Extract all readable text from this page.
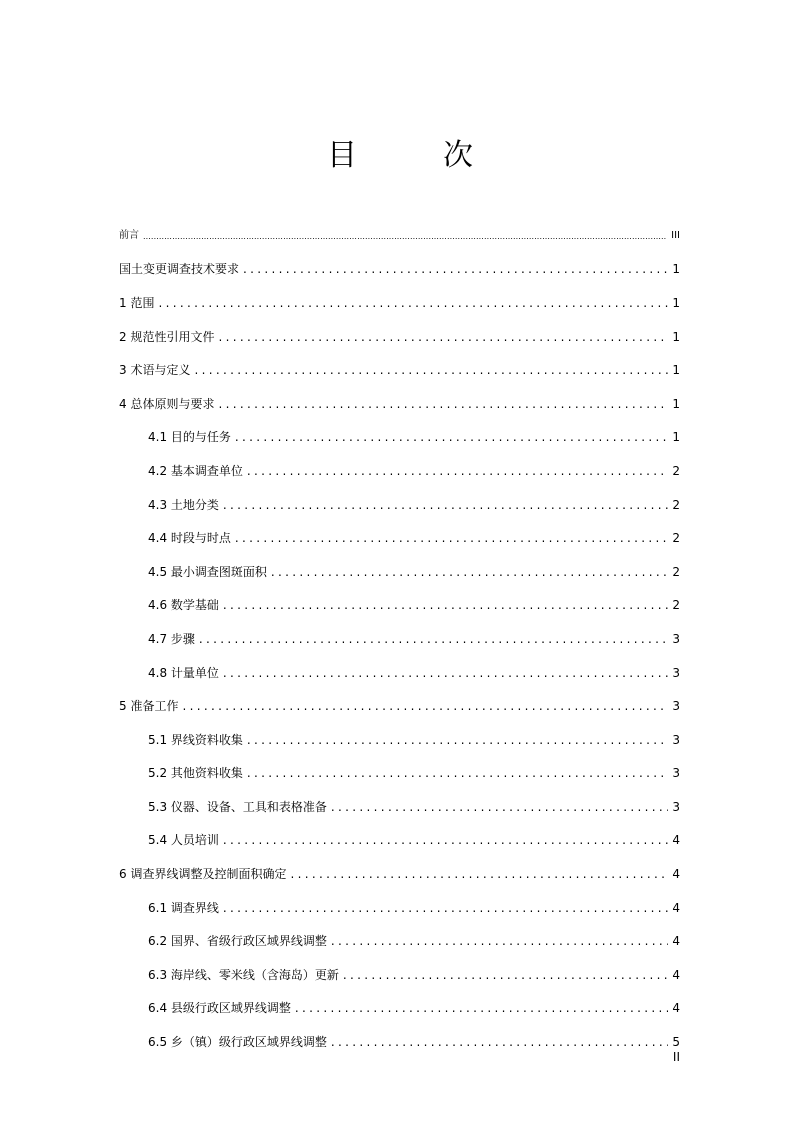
目　次
前言 .....	III
国土变更调查技术要求 . . .	1
1 范围 . . .	1
2 规范性引用文件 . . .	1
3 术语与定义 . . .	1
4 总体原则与要求 . . .	1
4.1 目的与任务 . . .	1
4.2 基本调查单位 . . .	2
4.3 土地分类 . . .	2
4.4 时段与时点 . . .	2
4.5 最小调查图斑面积 . . .	2
4.6 数学基础 . . .	2
4.7 步骤 . . .	3
4.8 计量单位 . . .	3
5 准备工作 . . .	3
5.1 界线资料收集 . . .	3
5.2 其他资料收集 . . .	3
5.3 仪器、设备、工具和表格准备 . . .	3
5.4 人员培训 . . .	4
6 调查界线调整及控制面积确定 . . .	4
6.1 调查界线 . . .	4
6.2 国界、省级行政区域界线调整 . . .	4
6.3 海岸线、零米线（含海岛）更新 . . .	4
6.4 县级行政区域界线调整 . . .	4
6.5 乡（镇）级行政区域界线调整 . . .	5
II
